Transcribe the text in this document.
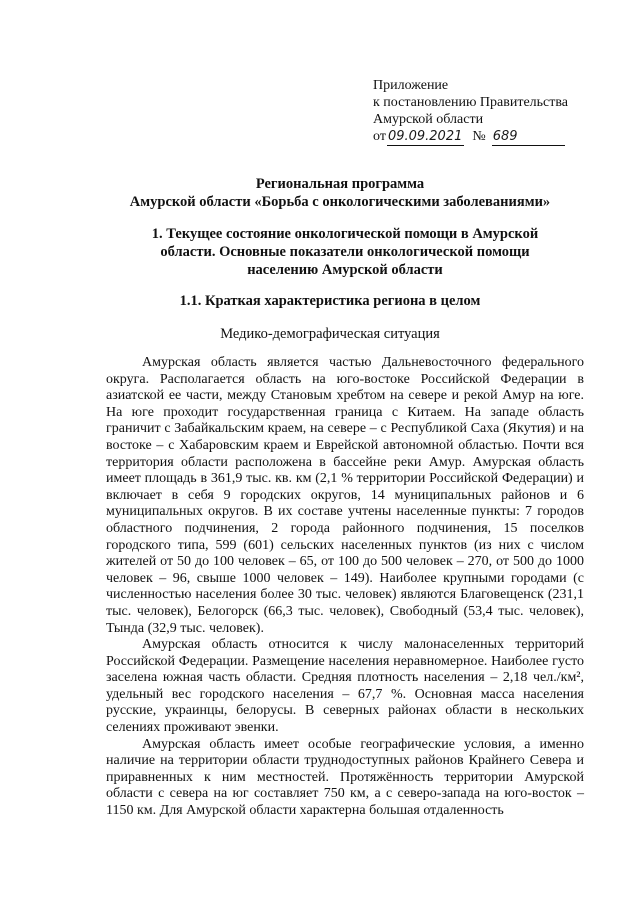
Приложение
к постановлению Правительства
Амурской области
от 09.09.2021 № 689
Региональная программа
Амурской области «Борьба с онкологическими заболеваниями»
1. Текущее состояние онкологической помощи в Амурской области. Основные показатели онкологической помощи населению Амурской области
1.1. Краткая характеристика региона в целом
Медико-демографическая ситуация

Амурская область является частью Дальневосточного федерального округа. Располагается область на юго-востоке Российской Федерации в азиатской ее части, между Становым хребтом на севере и рекой Амур на юге. На юге проходит государственная граница с Китаем. На западе область граничит с Забайкальским краем, на севере – с Республикой Саха (Якутия) и на востоке – с Хабаровским краем и Еврейской автономной областью. Почти вся территория области расположена в бассейне реки Амур. Амурская область имеет площадь в 361,9 тыс. кв. км (2,1 % территории Российской Федерации) и включает в себя 9 городских округов, 14 муниципальных районов и 6 муниципальных округов. В их составе учтены населенные пункты: 7 городов областного подчинения, 2 города районного подчинения, 15 поселков городского типа, 599 (601) сельских населенных пунктов (из них с числом жителей от 50 до 100 человек – 65, от 100 до 500 человек – 270, от 500 до 1000 человек – 96, свыше 1000 человек – 149). Наиболее крупными городами (с численностью населения более 30 тыс. человек) являются Благовещенск (231,1 тыс. человек), Белогорск (66,3 тыс. человек), Свободный (53,4 тыс. человек), Тында (32,9 тыс. человек).

Амурская область относится к числу малонаселенных территорий Российской Федерации. Размещение населения неравномерное. Наиболее густо заселена южная часть области. Средняя плотность населения – 2,18 чел./км², удельный вес городского населения – 67,7 %. Основная масса населения русские, украинцы, белорусы. В северных районах области в нескольких селениях проживают эвенки.

Амурская область имеет особые географические условия, а именно наличие на территории области труднодоступных районов Крайнего Севера и приравненных к ним местностей. Протяжённость территории Амурской области с севера на юг составляет 750 км, а с северо-запада на юго-восток – 1150 км. Для Амурской области характерна большая отдаленность
